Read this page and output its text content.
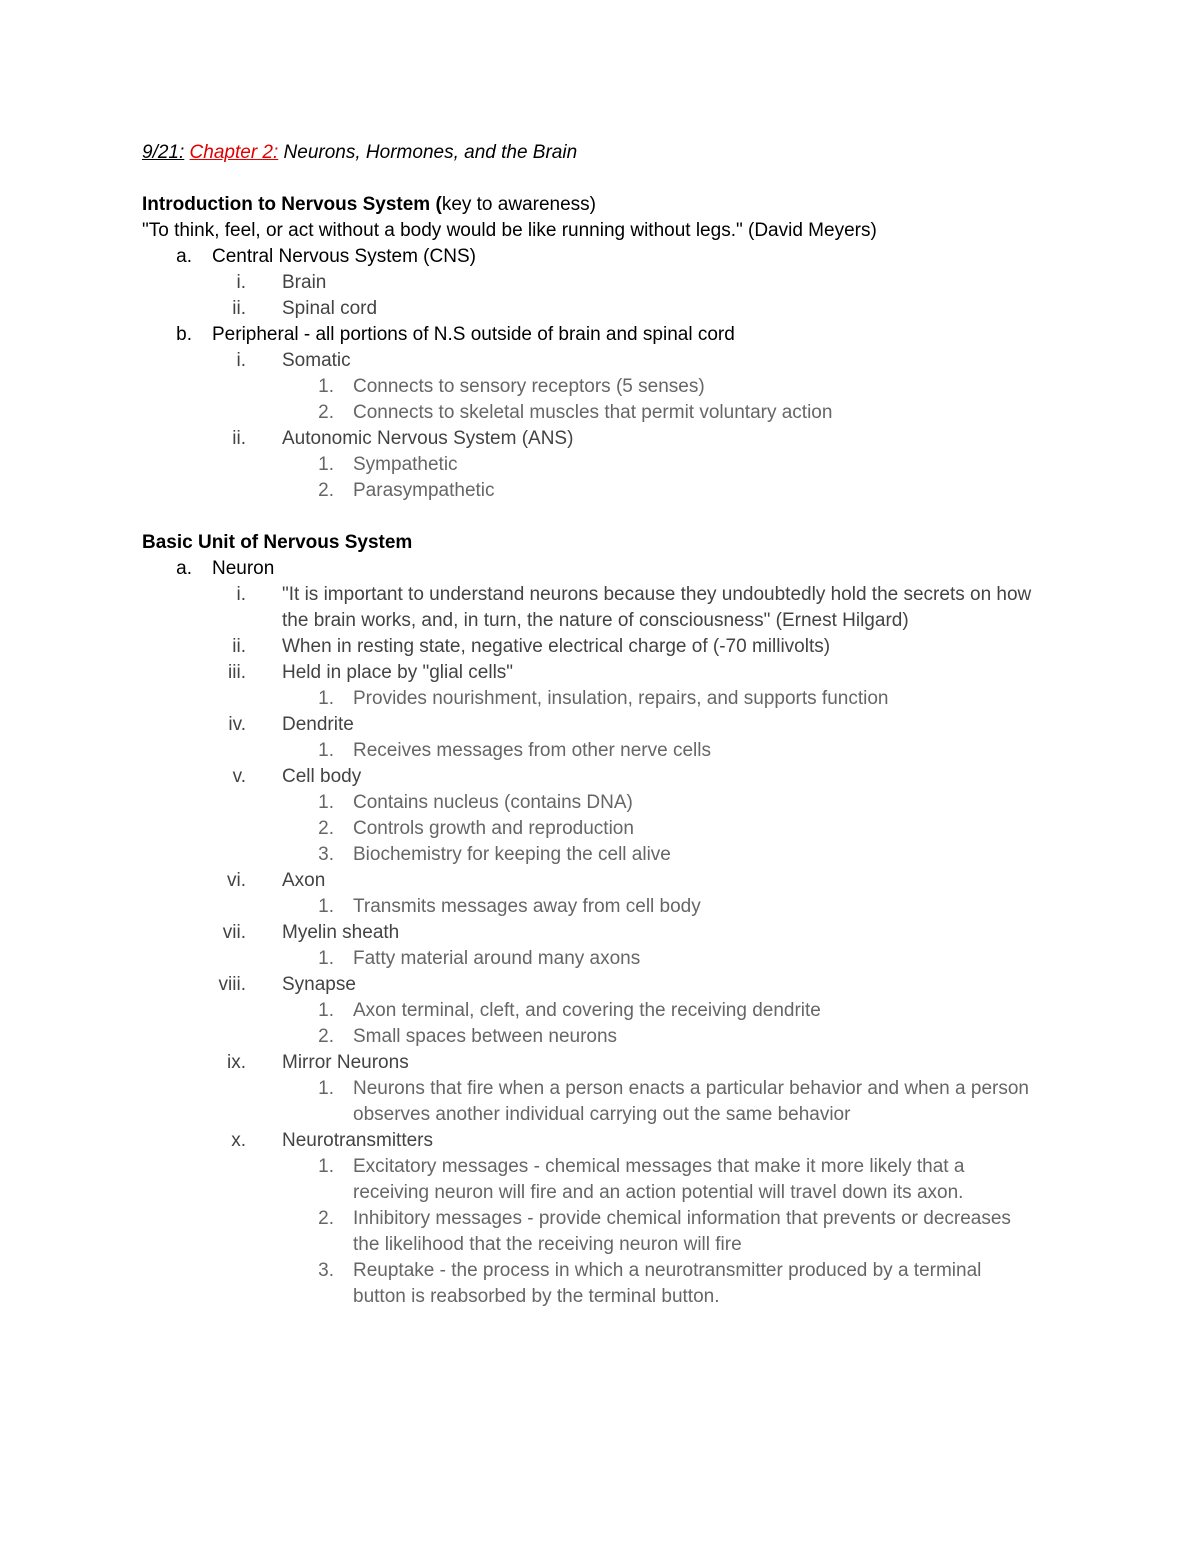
9/21: Chapter 2: Neurons, Hormones, and the Brain
Introduction to Nervous System (key to awareness)
"To think, feel, or act without a body would be like running without legs." (David Meyers)
a. Central Nervous System (CNS)
i. Brain
ii. Spinal cord
b. Peripheral - all portions of N.S outside of brain and spinal cord
i. Somatic
1. Connects to sensory receptors (5 senses)
2. Connects to skeletal muscles that permit voluntary action
ii. Autonomic Nervous System (ANS)
1. Sympathetic
2. Parasympathetic
Basic Unit of Nervous System
a. Neuron
i. "It is important to understand neurons because they undoubtedly hold the secrets on how
the brain works, and, in turn, the nature of consciousness" (Ernest Hilgard)
ii. When in resting state, negative electrical charge of (-70 millivolts)
iii. Held in place by "glial cells"
1. Provides nourishment, insulation, repairs, and supports function
iv. Dendrite
1. Receives messages from other nerve cells
v. Cell body
1. Contains nucleus (contains DNA)
2. Controls growth and reproduction
3. Biochemistry for keeping the cell alive
vi. Axon
1. Transmits messages away from cell body
vii. Myelin sheath
1. Fatty material around many axons
viii. Synapse
1. Axon terminal, cleft, and covering the receiving dendrite
2. Small spaces between neurons
ix. Mirror Neurons
1. Neurons that fire when a person enacts a particular behavior and when a person
observes another individual carrying out the same behavior
x. Neurotransmitters
1. Excitatory messages - chemical messages that make it more likely that a
receiving neuron will fire and an action potential will travel down its axon.
2. Inhibitory messages - provide chemical information that prevents or decreases
the likelihood that the receiving neuron will fire
3. Reuptake - the process in which a neurotransmitter produced by a terminal
button is reabsorbed by the terminal button.
